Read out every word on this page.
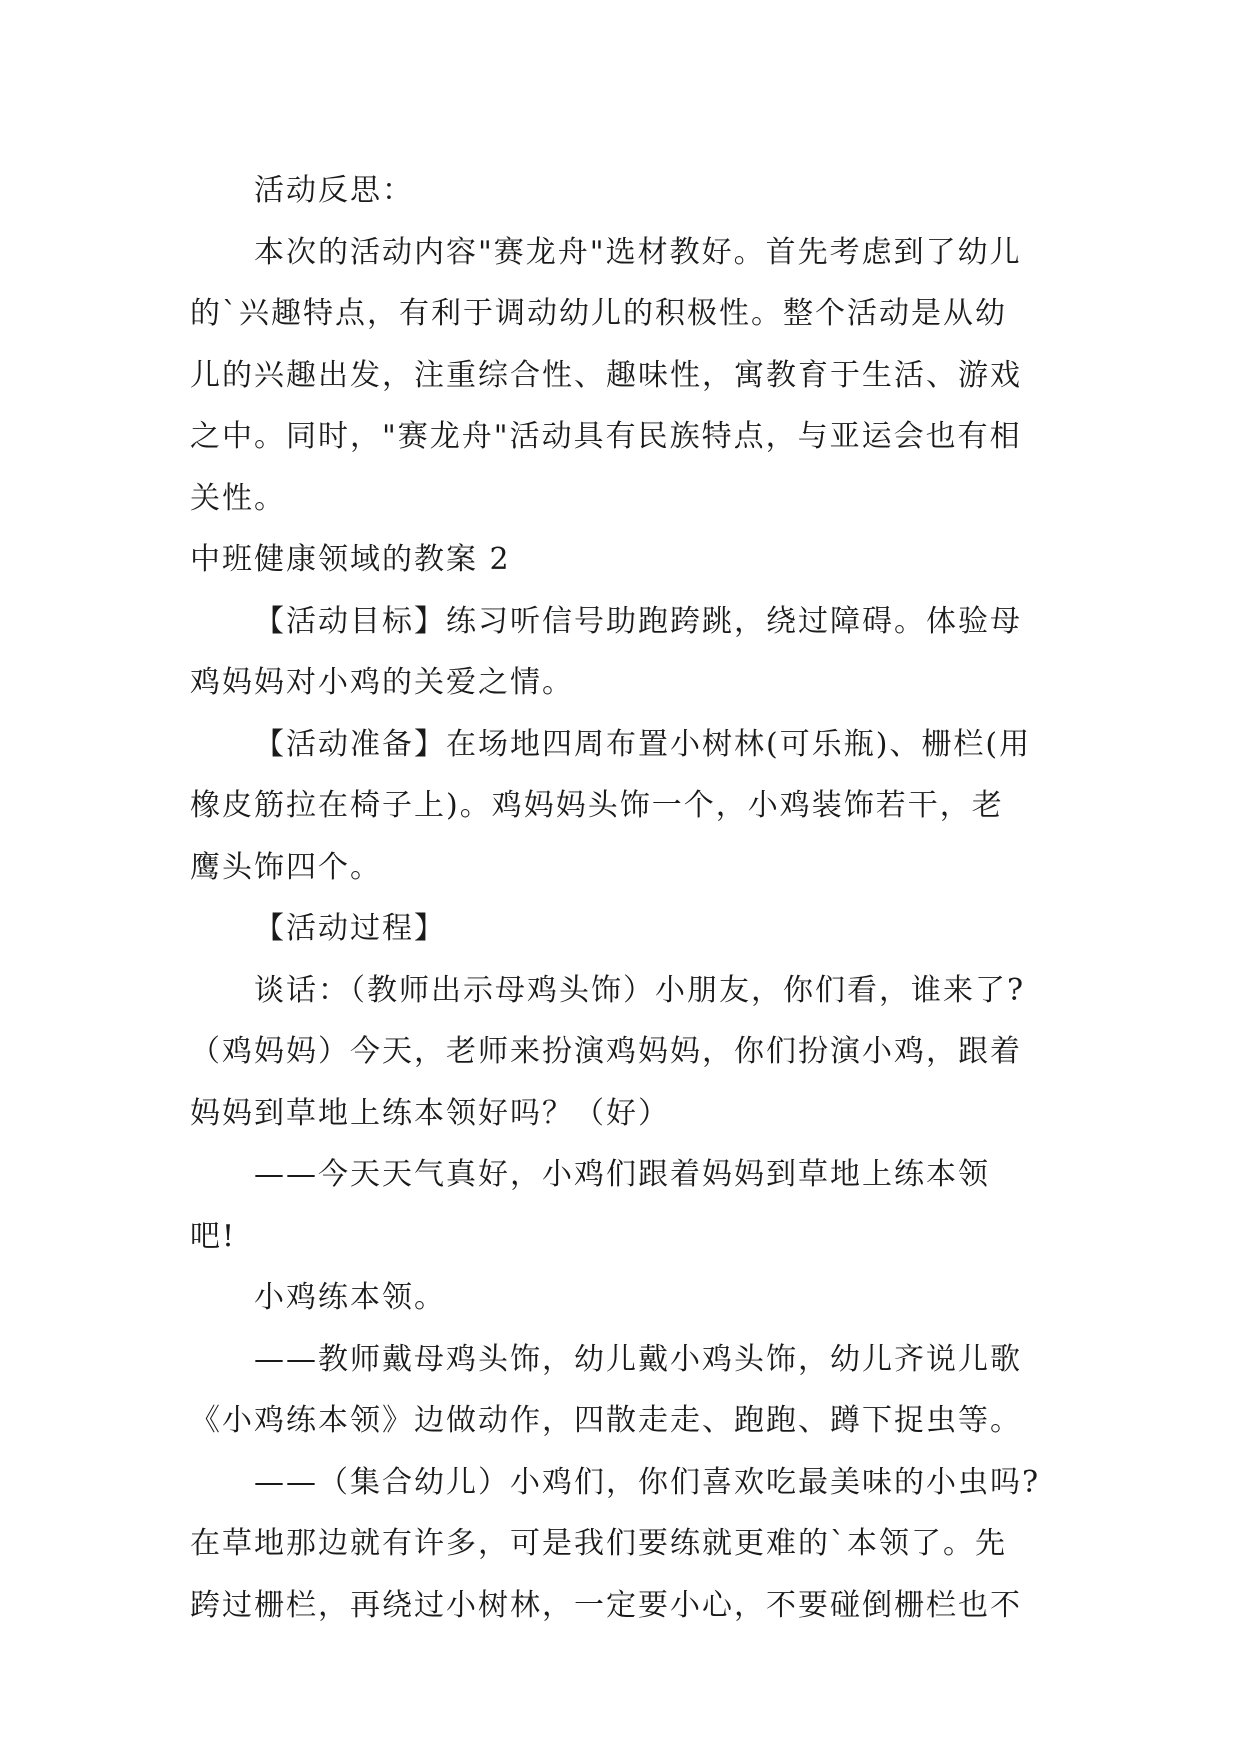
活动反思：

本次的活动内容"赛龙舟"选材教好。首先考虑到了幼儿
的`兴趣特点，有利于调动幼儿的积极性。整个活动是从幼
儿的兴趣出发，注重综合性、趣味性，寓教育于生活、游戏
之中。同时，"赛龙舟"活动具有民族特点，与亚运会也有相
关性。

中班健康领域的教案 2

【活动目标】练习听信号助跑跨跳，绕过障碍。体验母
鸡妈妈对小鸡的关爱之情。

【活动准备】在场地四周布置小树林(可乐瓶)、栅栏(用
橡皮筋拉在椅子上)。鸡妈妈头饰一个，小鸡装饰若干，老
鹰头饰四个。

【活动过程】

谈话：（教师出示母鸡头饰）小朋友，你们看，谁来了?
（鸡妈妈）今天，老师来扮演鸡妈妈，你们扮演小鸡，跟着
妈妈到草地上练本领好吗？（好）

——今天天气真好，小鸡们跟着妈妈到草地上练本领
吧!

小鸡练本领。

——教师戴母鸡头饰，幼儿戴小鸡头饰，幼儿齐说儿歌
《小鸡练本领》边做动作，四散走走、跑跑、蹲下捉虫等。

——（集合幼儿）小鸡们，你们喜欢吃最美味的小虫吗?
在草地那边就有许多，可是我们要练就更难的`本领了。先
跨过栅栏，再绕过小树林，一定要小心，不要碰倒栅栏也不
